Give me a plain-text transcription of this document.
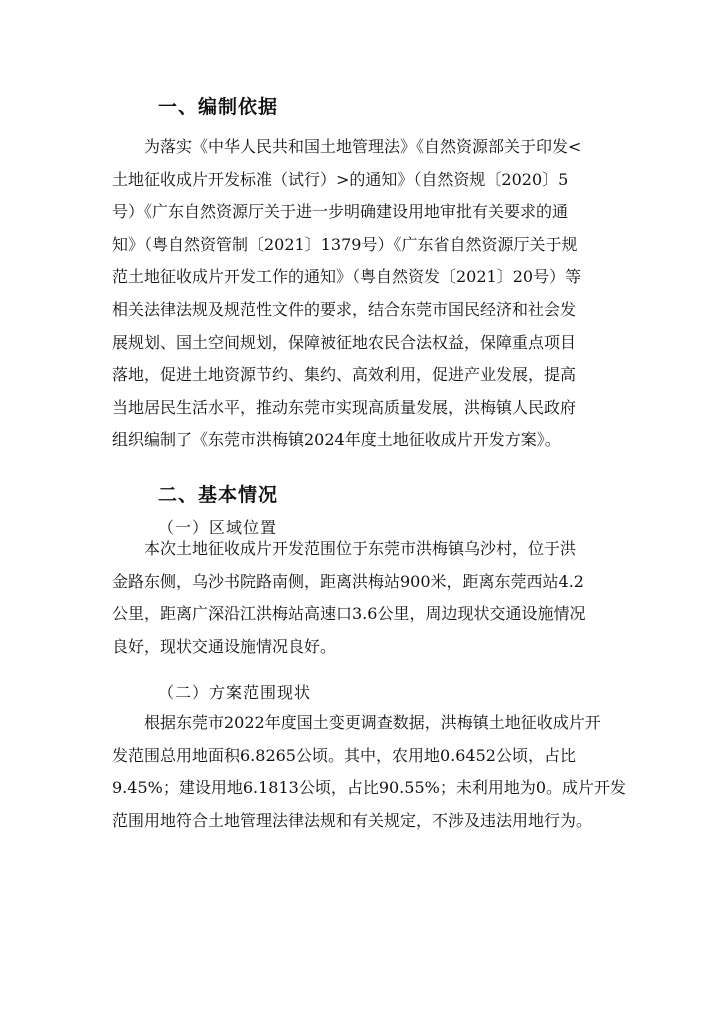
一、编制依据
为落实《中华人民共和国土地管理法》《自然资源部关于印发<
土地征收成片开发标准（试行）>的通知》（自然资规〔2020〕5
号）《广东自然资源厅关于进一步明确建设用地审批有关要求的通
知》（粤自然资管制〔2021〕1379号）《广东省自然资源厅关于规
范土地征收成片开发工作的通知》（粤自然资发〔2021〕20号）等
相关法律法规及规范性文件的要求，结合东莞市国民经济和社会发
展规划、国土空间规划，保障被征地农民合法权益，保障重点项目
落地，促进土地资源节约、集约、高效利用，促进产业发展，提高
当地居民生活水平，推动东莞市实现高质量发展，洪梅镇人民政府
组织编制了《东莞市洪梅镇2024年度土地征收成片开发方案》。
二、基本情况
（一）区域位置
本次土地征收成片开发范围位于东莞市洪梅镇乌沙村，位于洪
金路东侧，乌沙书院路南侧，距离洪梅站900米，距离东莞西站4.2
公里，距离广深沿江洪梅站高速口3.6公里，周边现状交通设施情况
良好，现状交通设施情况良好。
（二）方案范围现状
根据东莞市2022年度国土变更调查数据，洪梅镇土地征收成片开
发范围总用地面积6.8265公顷。其中，农用地0.6452公顷，占比
9.45%；建设用地6.1813公顷，占比90.55%；未利用地为0。成片开发
范围用地符合土地管理法律法规和有关规定，不涉及违法用地行为。
